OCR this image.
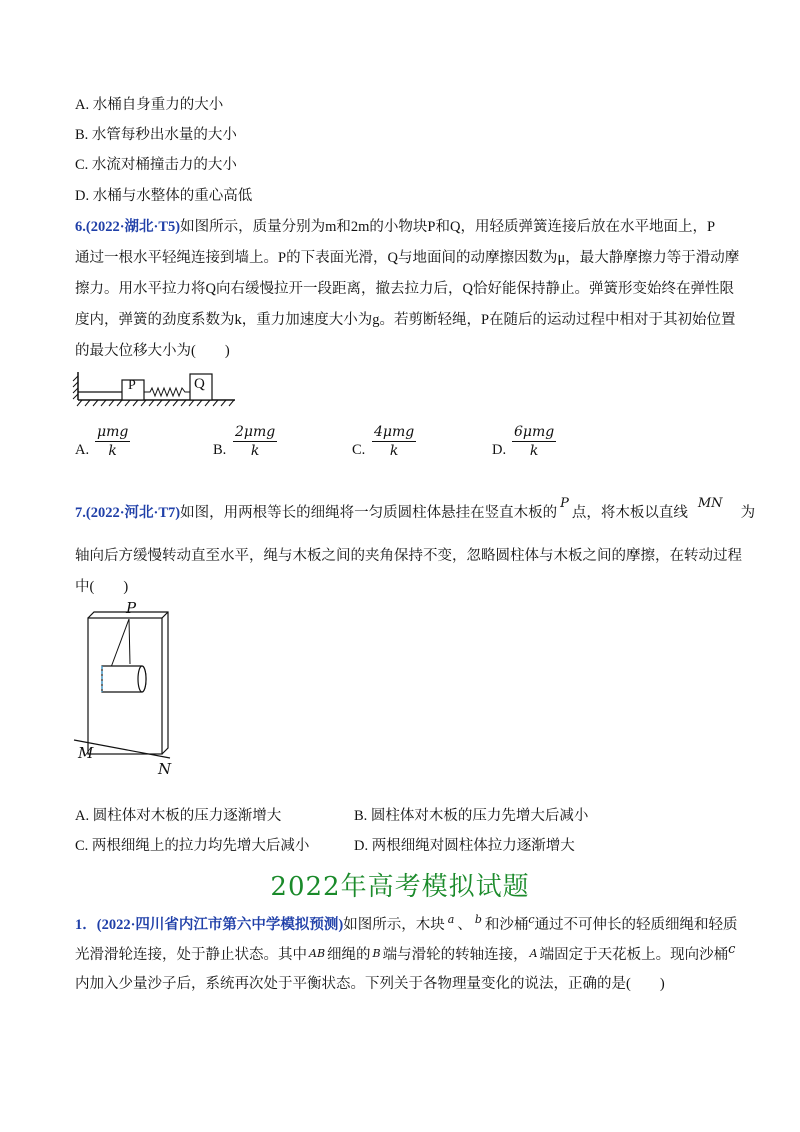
A. 水桶自身重力的大小
B. 水管每秒出水量的大小
C. 水流对桶撞击力的大小
D. 水桶与水整体的重心高低
6.(2022·湖北·T5)如图所示，质量分别为m和2m的小物块P和Q，用轻质弹簧连接后放在水平地面上，P
通过一根水平轻绳连接到墙上。P的下表面光滑，Q与地面间的动摩擦因数为μ，最大静摩擦力等于滑动摩
擦力。用水平拉力将Q向右缓慢拉开一段距离，撤去拉力后，Q恰好能保持静止。弹簧形变始终在弹性限
度内，弹簧的劲度系数为k，重力加速度大小为g。若剪断轻绳，P在随后的运动过程中相对于其初始位置
的最大位移大小为(　　)
P	Q
A.
μmg
k	B.
2μmg
k	C.
4μmg
k	D.
6μmg
k
7.(2022·河北·T7)如图，用两根等长的细绳将一匀质圆柱体悬挂在竖直木板的P点，将木板以直线MN为
轴向后方缓慢转动直至水平，绳与木板之间的夹角保持不变，忽略圆柱体与木板之间的摩擦，在转动过程
中(　　)
P
M
N
A. 圆柱体对木板的压力逐渐增大	B. 圆柱体对木板的压力先增大后减小
C. 两根细绳上的拉力均先增大后减小	D. 两根细绳对圆柱体拉力逐渐增大
2022年高考模拟试题
1．(2022·四川省内江市第六中学模拟预测)如图所示，木块 $^a$ 、 $^b$ 和沙桶$^c$通过不可伸长的轻质细绳和轻质
光滑滑轮连接，处于静止状态。其中 AB 细绳的 B 端与滑轮的转轴连接， A 端固定于天花板上。现向沙桶c
内加入少量沙子后，系统再次处于平衡状态。下列关于各物理量变化的说法，正确的是(　　)
